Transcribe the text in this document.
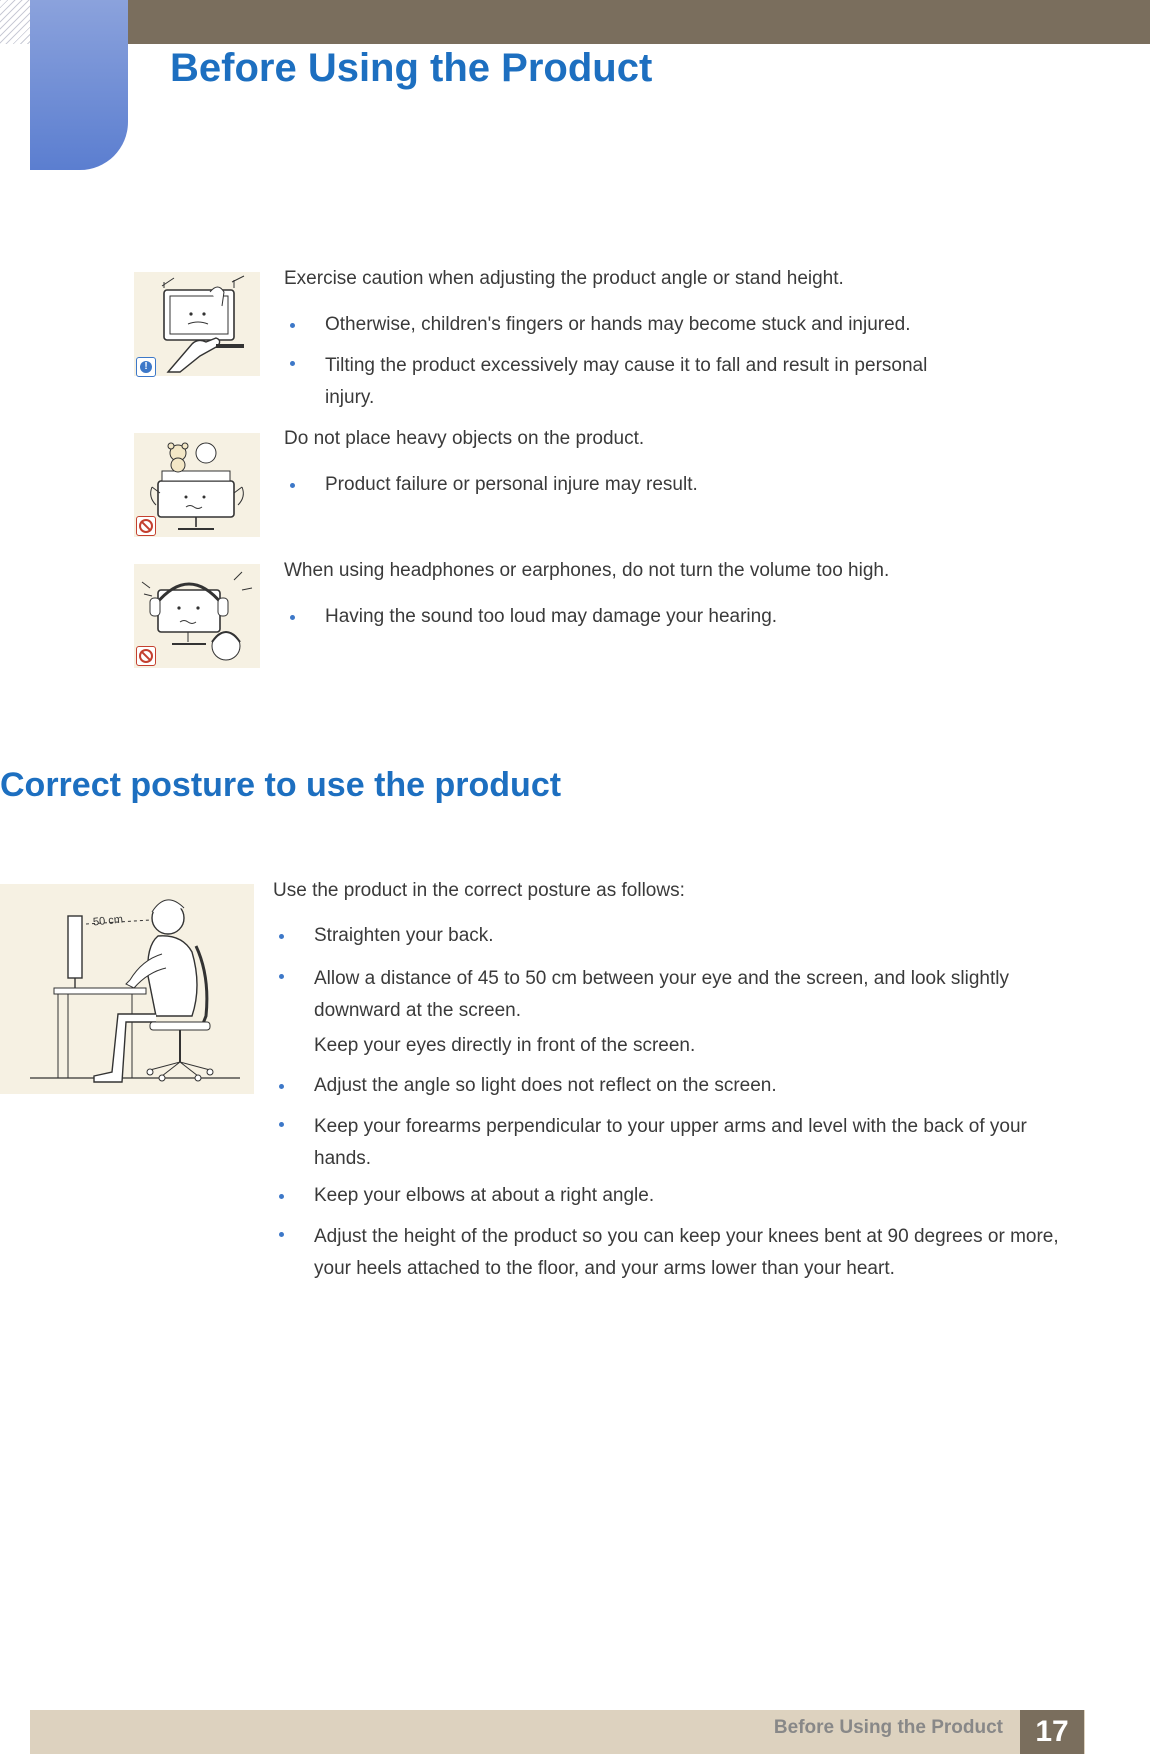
Before Using the Product
!

Exercise caution when adjusting the product angle or stand height.

Otherwise, children's fingers or hands may become stuck and injured.
Tilting the product excessively may cause it to fall and result in personal injury.

Do not place heavy objects on the product.

Product failure or personal injure may result.

When using headphones or earphones, do not turn the volume too high.

Having the sound too loud may damage your hearing.
Correct posture to use the product
50 cm

Use the product in the correct posture as follows:

Straighten your back.
Allow a distance of 45 to 50 cm between your eye and the screen, and look slightly downward at the screen.

Keep your eyes directly in front of the screen.

Adjust the angle so light does not reflect on the screen.
Keep your forearms perpendicular to your upper arms and level with the back of your hands.
Keep your elbows at about a right angle.
Adjust the height of the product so you can keep your knees bent at 90 degrees or more, your heels attached to the floor, and your arms lower than your heart.
Before Using the Product	17
